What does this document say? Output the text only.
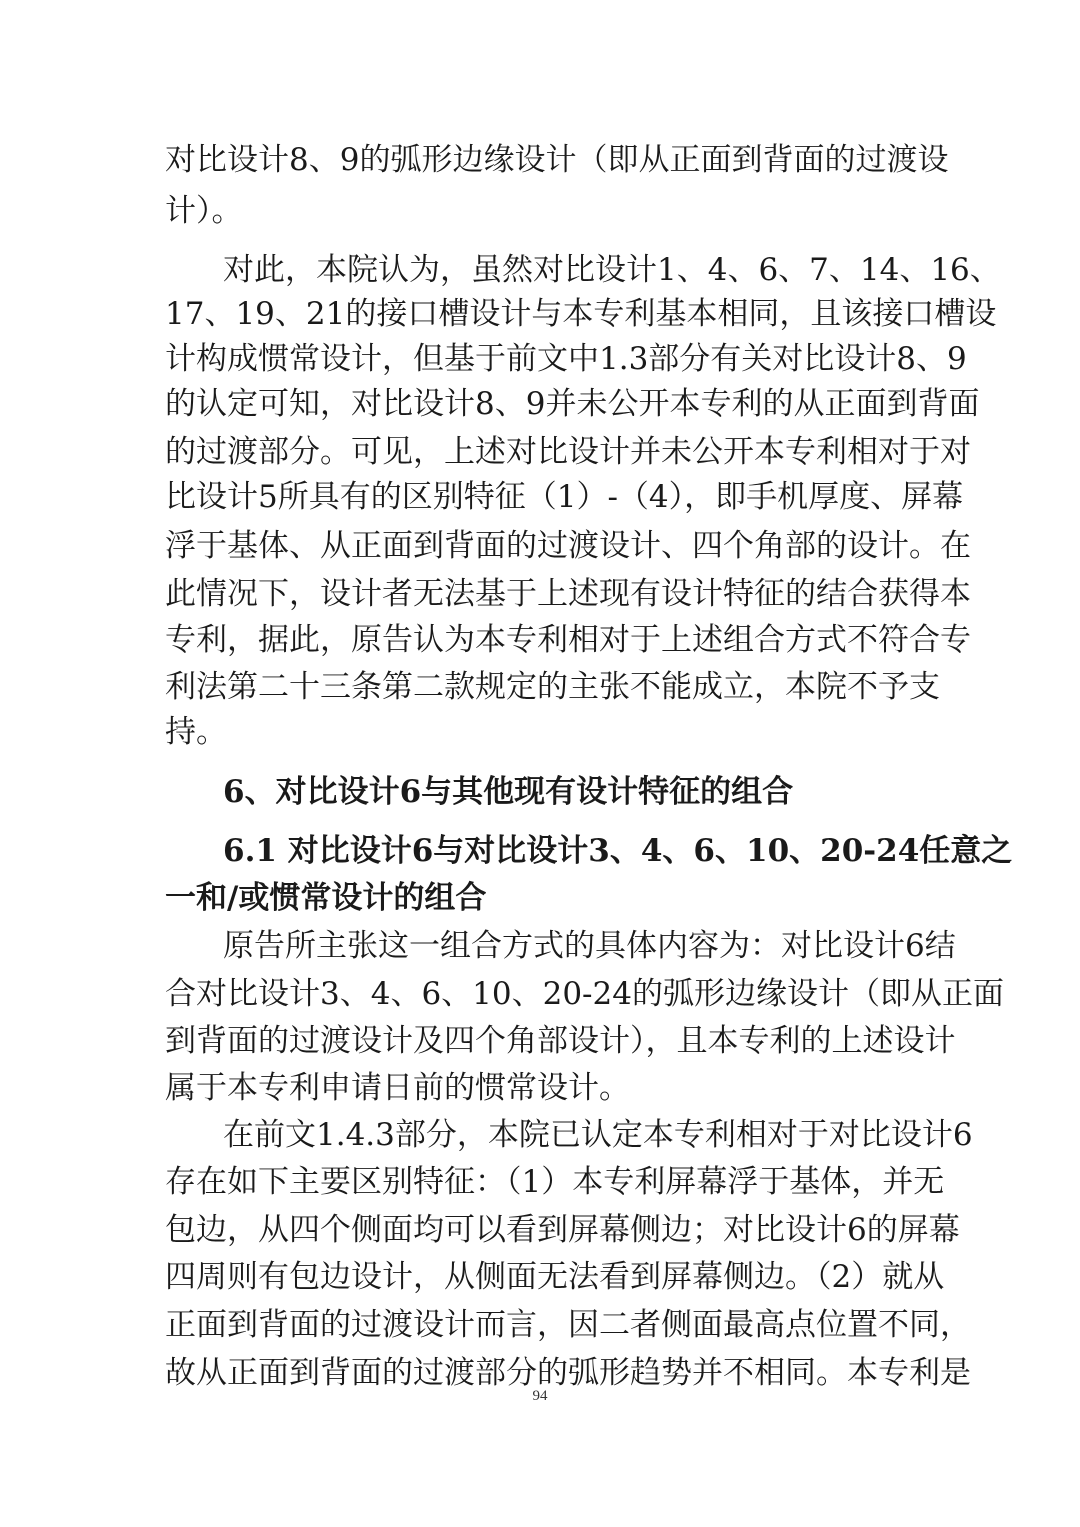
对比设计8、9的弧形边缘设计（即从正面到背面的过渡设
计）。
对此，本院认为，虽然对比设计1、4、6、7、14、16、
17、19、21的接口槽设计与本专利基本相同，且该接口槽设
计构成惯常设计，但基于前文中1.3部分有关对比设计8、9
的认定可知，对比设计8、9并未公开本专利的从正面到背面
的过渡部分。可见，上述对比设计并未公开本专利相对于对
比设计5所具有的区别特征（1）-（4），即手机厚度、屏幕
浮于基体、从正面到背面的过渡设计、四个角部的设计。在
此情况下，设计者无法基于上述现有设计特征的结合获得本
专利，据此，原告认为本专利相对于上述组合方式不符合专
利法第二十三条第二款规定的主张不能成立，本院不予支
持。
6、对比设计6与其他现有设计特征的组合
6.1 对比设计6与对比设计3、4、6、10、20-24任意之
一和/或惯常设计的组合
原告所主张这一组合方式的具体内容为：对比设计6结
合对比设计3、4、6、10、20-24的弧形边缘设计（即从正面
到背面的过渡设计及四个角部设计），且本专利的上述设计
属于本专利申请日前的惯常设计。
在前文1.4.3部分，本院已认定本专利相对于对比设计6
存在如下主要区别特征：（1）本专利屏幕浮于基体，并无
包边，从四个侧面均可以看到屏幕侧边；对比设计6的屏幕
四周则有包边设计，从侧面无法看到屏幕侧边。（2）就从
正面到背面的过渡设计而言，因二者侧面最高点位置不同，
故从正面到背面的过渡部分的弧形趋势并不相同。本专利是
94
